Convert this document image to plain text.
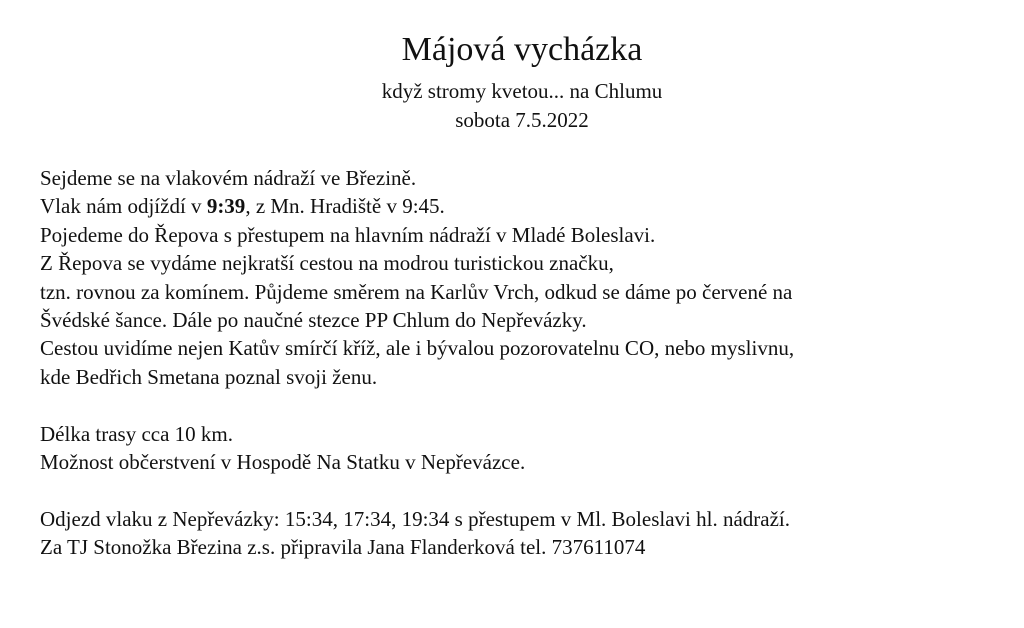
Májová vycházka
když stromy kvetou... na Chlumu
sobota 7.5.2022
Sejdeme se na vlakovém nádraží ve Březině.
Vlak nám odjíždí v 9:39, z Mn. Hradiště v 9:45.
Pojedeme do Řepova s přestupem na hlavním nádraží v Mladé Boleslavi.
Z Řepova se vydáme nejkratší cestou na modrou turistickou značku,
tzn. rovnou za komínem. Půjdeme směrem na Karlův Vrch, odkud se dáme po červené na
Švédské šance. Dále po naučné stezce PP Chlum do Nepřevázky.
Cestou uvidíme nejen Katův smírčí kříž, ale i bývalou pozorovatelnu CO, nebo myslivnu,
kde Bedřich Smetana poznal svoji ženu.
Délka trasy cca 10 km.
Možnost občerstvení v Hospodě Na Statku v Nepřevázce.
Odjezd vlaku z Nepřevázky: 15:34, 17:34, 19:34 s přestupem v Ml. Boleslavi hl. nádraží.
Za TJ Stonožka Březina z.s. připravila Jana Flanderková tel. 737611074
